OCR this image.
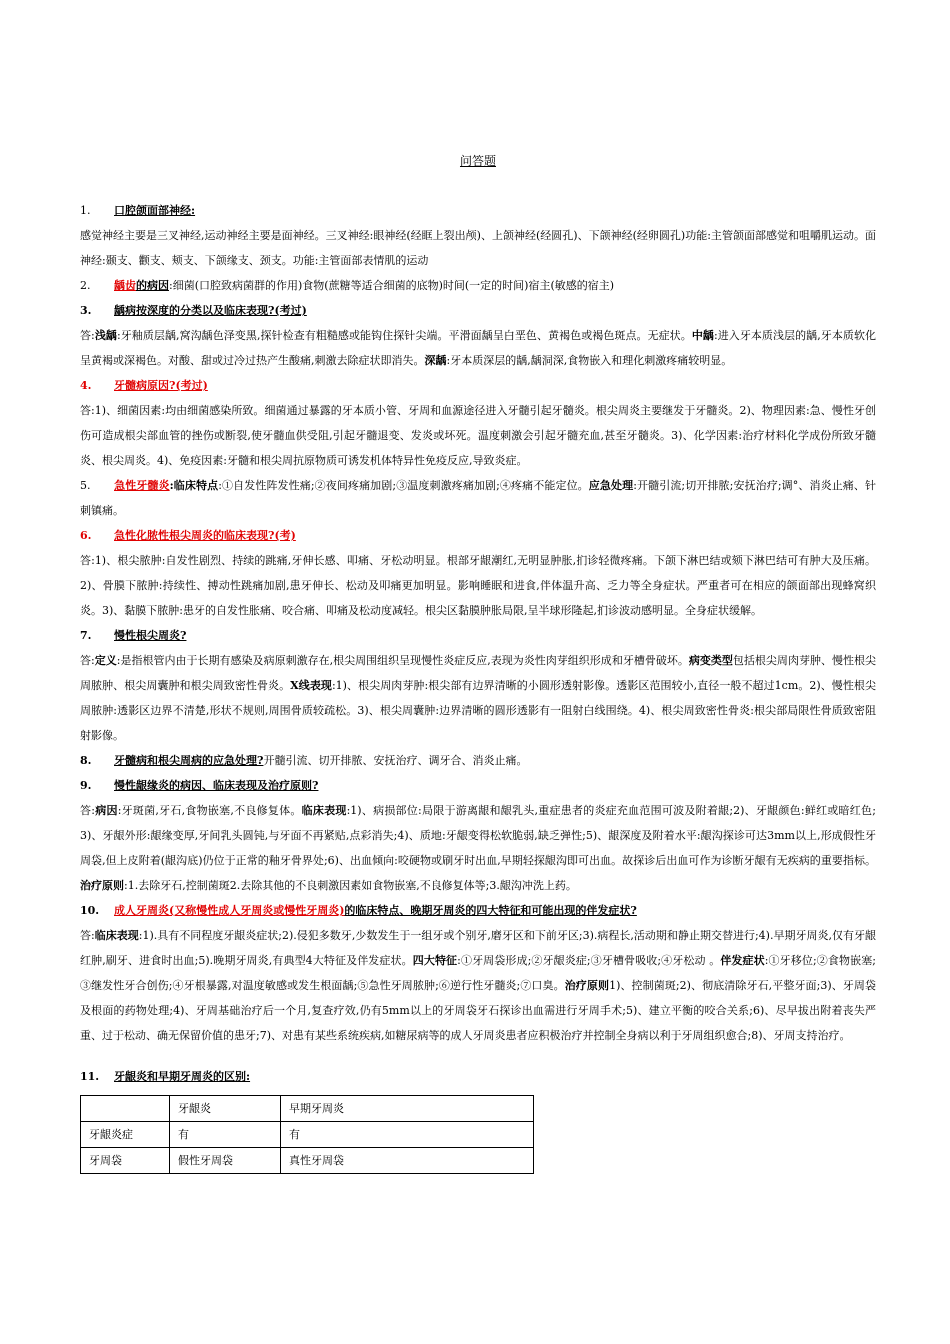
问答题

1. 口腔颌面部神经:

感觉神经主要是三叉神经,运动神经主要是面神经。三叉神经:眼神经(经眶上裂出颅)、上颌神经(经圆孔)、下颌神经(经卵圆孔)功能:主管颌面部感觉和咀嚼肌运动。面神经:颞支、颧支、颊支、下颌缘支、颈支。功能:主管面部表情肌的运动

2. 龋齿的病因:细菌(口腔致病菌群的作用)食物(蔗糖等适合细菌的底物)时间(一定的时间)宿主(敏感的宿主)

3. 龋病按深度的分类以及临床表现?(考过)

答:浅龋:牙釉质层龋,窝沟龋色泽变黑,探针检查有粗糙感或能钩住探针尖端。平滑面龋呈白垩色、黄褐色或褐色斑点。无症状。中龋:进入牙本质浅层的龋,牙本质软化呈黄褐或深褐色。对酸、甜或过冷过热产生酸痛,刺激去除症状即消失。深龋:牙本质深层的龋,龋洞深,食物嵌入和理化刺激疼痛较明显。

4. 牙髓病原因?(考过)

答:1)、细菌因素:均由细菌感染所致。细菌通过暴露的牙本质小管、牙周和血源途径进入牙髓引起牙髓炎。根尖周炎主要继发于牙髓炎。2)、物理因素:急、慢性牙创伤可造成根尖部血管的挫伤或断裂,使牙髓血供受阻,引起牙髓退变、发炎或坏死。温度刺激会引起牙髓充血,甚至牙髓炎。3)、化学因素:治疗材料化学成份所致牙髓炎、根尖周炎。4)、免疫因素:牙髓和根尖周抗原物质可诱发机体特异性免疫反应,导致炎症。

5. 急性牙髓炎:临床特点:①自发性阵发性痛;②夜间疼痛加剧;③温度刺激疼痛加剧;④疼痛不能定位。应急处理:开髓引流;切开排脓;安抚治疗;调°、消炎止痛、针刺镇痛。

6. 急性化脓性根尖周炎的临床表现?(考)

答:1)、根尖脓肿:自发性剧烈、持续的跳痛,牙伸长感、叩痛、牙松动明显。根部牙龈潮红,无明显肿胀,扪诊轻微疼痛。下颌下淋巴结或颏下淋巴结可有肿大及压痛。2)、骨膜下脓肿:持续性、搏动性跳痛加剧,患牙伸长、松动及叩痛更加明显。影响睡眠和进食,伴体温升高、乏力等全身症状。严重者可在相应的颌面部出现蜂窝织炎。3)、黏膜下脓肿:患牙的自发性胀痛、咬合痛、叩痛及松动度减轻。根尖区黏膜肿胀局限,呈半球形隆起,扪诊波动感明显。全身症状缓解。

7. 慢性根尖周炎?

答:定义:是指根管内由于长期有感染及病原刺激存在,根尖周围组织呈现慢性炎症反应,表现为炎性肉芽组织形成和牙槽骨破坏。病变类型包括根尖周肉芽肿、慢性根尖周脓肿、根尖周囊肿和根尖周致密性骨炎。X线表现:1)、根尖周肉芽肿:根尖部有边界清晰的小圆形透射影像。透影区范围较小,直径一般不超过1cm。2)、慢性根尖周脓肿:透影区边界不清楚,形状不规则,周围骨质较疏松。3)、根尖周囊肿:边界清晰的圆形透影有一阻射白线围绕。4)、根尖周致密性骨炎:根尖部局限性骨质致密阻射影像。

8. 牙髓病和根尖周病的应急处理?开髓引流、切开排脓、安抚治疗、调牙合、消炎止痛。

9. 慢性龈缘炎的病因、临床表现及治疗原则?

答:病因:牙斑菌,牙石,食物嵌塞,不良修复体。临床表现:1)、病损部位:局限于游离龈和龈乳头,重症患者的炎症充血范围可波及附着龈;2)、牙龈颜色:鲜红或暗红色;3)、牙龈外形:龈缘变厚,牙间乳头圆钝,与牙面不再紧贴,点彩消失;4)、质地:牙龈变得松软脆弱,缺乏弹性;5)、龈深度及附着水平:龈沟探诊可达3mm以上,形成假性牙周袋,但上皮附着(龈沟底)仍位于正常的釉牙骨界处;6)、出血倾向:咬硬物或刷牙时出血,早期轻探龈沟即可出血。故探诊后出血可作为诊断牙龈有无疾病的重要指标。治疗原则:1.去除牙石,控制菌斑2.去除其他的不良刺激因素如食物嵌塞,不良修复体等;3.龈沟冲洗上药。

10. 成人牙周炎(又称慢性成人牙周炎或慢性牙周炎)的临床特点、晚期牙周炎的四大特征和可能出现的伴发症状?

答:临床表现:1).具有不同程度牙龈炎症状;2).侵犯多数牙,少数发生于一组牙或个别牙,磨牙区和下前牙区;3).病程长,活动期和静止期交替进行;4).早期牙周炎,仅有牙龈红肿,刷牙、进食时出血;5).晚期牙周炎,有典型4大特征及伴发症状。四大特征:①牙周袋形成;②牙龈炎症;③牙槽骨吸收;④牙松动 。伴发症状:①牙移位;②食物嵌塞;③继发性牙合创伤;④牙根暴露,对温度敏感或发生根面龋;⑤急性牙周脓肿;⑥逆行性牙髓炎;⑦口臭。治疗原则1)、控制菌斑;2)、彻底清除牙石,平整牙面;3)、牙周袋及根面的药物处理;4)、牙周基础治疗后一个月,复查疗效,仍有5mm以上的牙周袋牙石探诊出血需进行牙周手术;5)、建立平衡的咬合关系;6)、尽早拔出附着丧失严重、过于松动、确无保留价值的患牙;7)、对患有某些系统疾病,如糖尿病等的成人牙周炎患者应积极治疗并控制全身病以利于牙周组织愈合;8)、牙周支持治疗。

11. 牙龈炎和早期牙周炎的区别:

	牙龈炎	早期牙周炎
牙龈炎症	有	有
牙周袋	假性牙周袋	真性牙周袋
